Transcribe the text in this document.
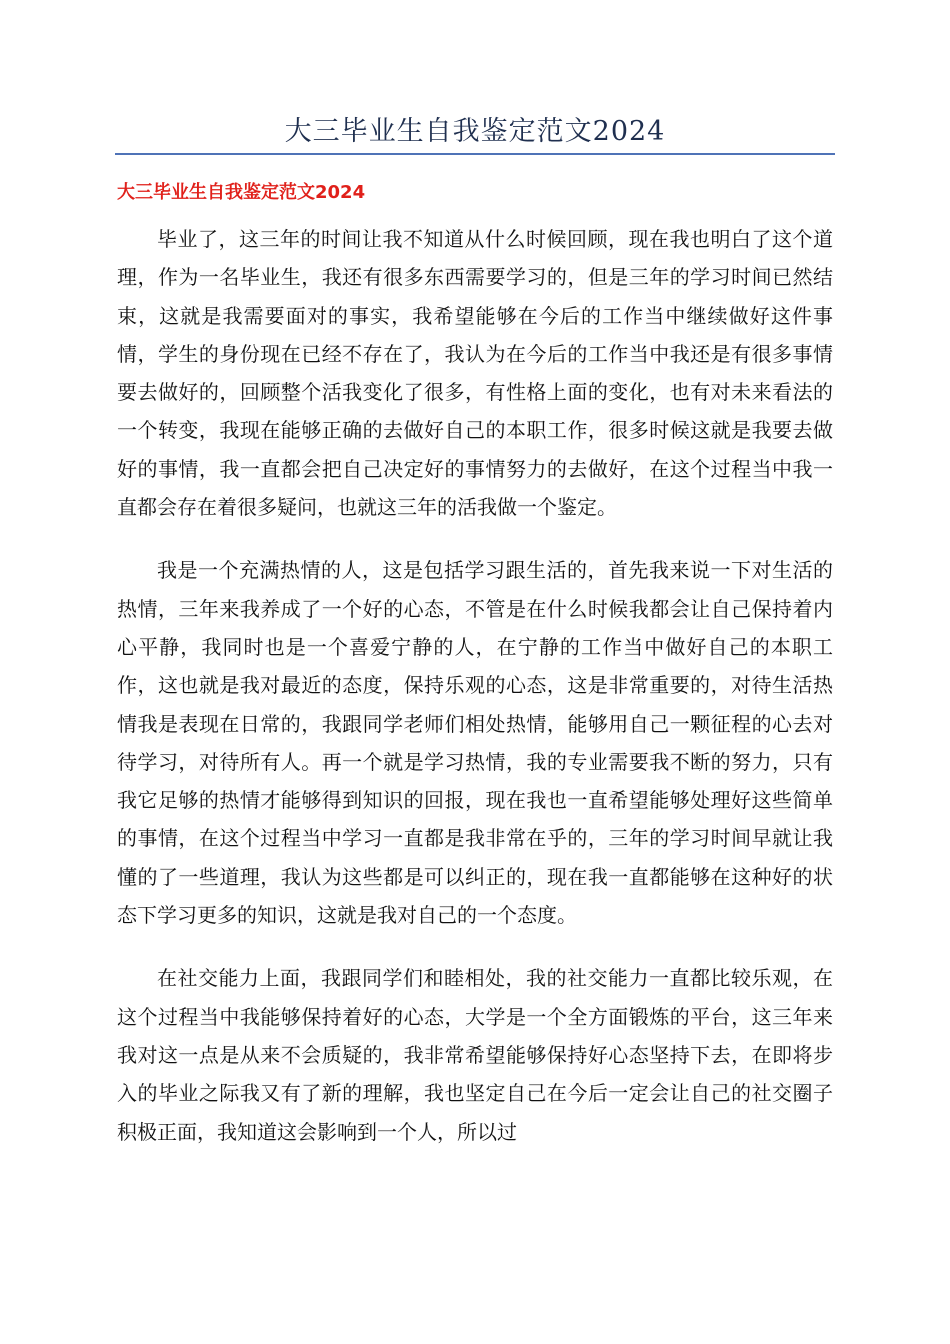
大三毕业生自我鉴定范文2024
大三毕业生自我鉴定范文2024

毕业了，这三年的时间让我不知道从什么时候回顾，现在我也明白了这个道理，作为一名毕业生，我还有很多东西需要学习的，但是三年的学习时间已然结束，这就是我需要面对的事实，我希望能够在今后的工作当中继续做好这件事情，学生的身份现在已经不存在了，我认为在今后的工作当中我还是有很多事情要去做好的，回顾整个活我变化了很多，有性格上面的变化，也有对未来看法的一个转变，我现在能够正确的去做好自己的本职工作，很多时候这就是我要去做好的事情，我一直都会把自己决定好的事情努力的去做好，在这个过程当中我一直都会存在着很多疑问，也就这三年的活我做一个鉴定。

我是一个充满热情的人，这是包括学习跟生活的，首先我来说一下对生活的热情，三年来我养成了一个好的心态，不管是在什么时候我都会让自己保持着内心平静，我同时也是一个喜爱宁静的人，在宁静的工作当中做好自己的本职工作，这也就是我对最近的态度，保持乐观的心态，这是非常重要的，对待生活热情我是表现在日常的，我跟同学老师们相处热情，能够用自己一颗征程的心去对待学习，对待所有人。再一个就是学习热情，我的专业需要我不断的努力，只有我它足够的热情才能够得到知识的回报，现在我也一直希望能够处理好这些简单的事情，在这个过程当中学习一直都是我非常在乎的，三年的学习时间早就让我懂的了一些道理，我认为这些都是可以纠正的，现在我一直都能够在这种好的状态下学习更多的知识，这就是我对自己的一个态度。

在社交能力上面，我跟同学们和睦相处，我的社交能力一直都比较乐观，在这个过程当中我能够保持着好的心态，大学是一个全方面锻炼的平台，这三年来我对这一点是从来不会质疑的，我非常希望能够保持好心态坚持下去，在即将步入的毕业之际我又有了新的理解，我也坚定自己在今后一定会让自己的社交圈子积极正面，我知道这会影响到一个人，所以过
